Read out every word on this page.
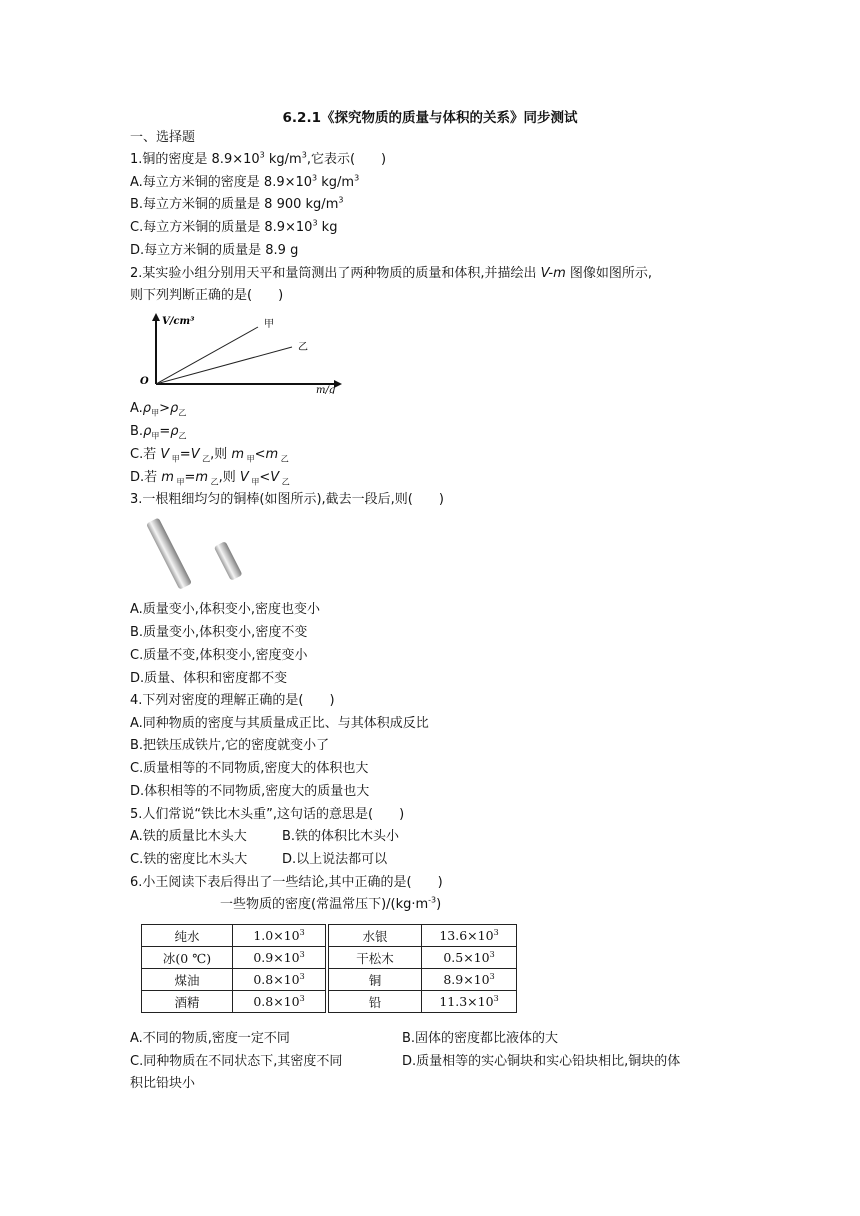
6.2.1《探究物质的质量与体积的关系》同步测试
一、选择题
1.铜的密度是 $8.9\times 10^3$ $kg/m^3$,它表示(　　)
A.每立方米铜的密度是 $8.9\times 10^3$ $kg/m^3$
B.每立方米铜的质量是 8 900 $kg/m^3$
C.每立方米铜的质量是 $8.9\times 10^3$ kg
D.每立方米铜的质量是 8.9 g
2.某实验小组分别用天平和量筒测出了两种物质的质量和体积,并描绘出 V-m 图像如图所示,
则下列判断正确的是(　　)
V/cm³
m/g
O
甲
乙
$A.\rho_甲>\rho_乙$
$B.\rho_甲=\rho_乙$
C.若 V $_甲$=V $_乙$,则 m $_甲$<m $_乙$
D.若 m $_甲$=m $_乙$,则 V $_甲$<V $_乙$
3.一根粗细均匀的铜棒(如图所示),截去一段后,则(　　)
A.质量变小,体积变小,密度也变小
B.质量变小,体积变小,密度不变
C.质量不变,体积变小,密度变小
D.质量、体积和密度都不变
4.下列对密度的理解正确的是(　　)
A.同种物质的密度与其质量成正比、与其体积成反比
B.把铁压成铁片,它的密度就变小了
C.质量相等的不同物质,密度大的体积也大
D.体积相等的不同物质,密度大的质量也大
5.人们常说“铁比木头重”,这句话的意思是(　　)
A.铁的质量比木头大	B.铁的体积比木头小
C.铁的密度比木头大	D.以上说法都可以
6.小王阅读下表后得出了一些结论,其中正确的是(　　)
一些物质的密度(常温常压下)$/(kg\cdot m^{-3})$
纯水	$1.0\times 10^3$		水银	$13.6\times 10^3$
冰(0 ℃)	$0.9\times 10^3$		干松木	$0.5\times 10^3$
煤油	$0.8\times 10^3$		铜	$8.9\times 10^3$
酒精	$0.8\times 10^3$		铅	$11.3\times 10^3$
A.不同的物质,密度一定不同	B.固体的密度都比液体的大
C.同种物质在不同状态下,其密度不同	D.质量相等的实心铜块和实心铅块相比,铜块的体
积比铅块小
